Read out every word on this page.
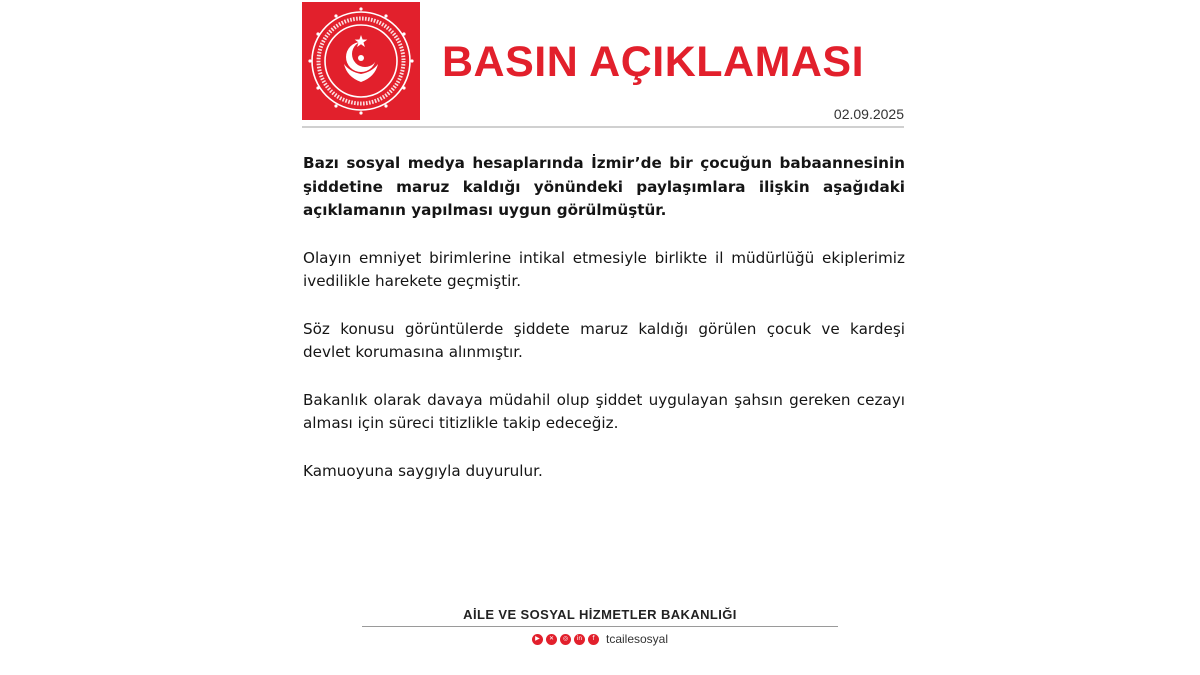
BASIN AÇIKLAMASI
02.09.2025

Bazı sosyal medya hesaplarında İzmir’de bir çocuğun babaannesinin şiddetine maruz kaldığı yönündeki paylaşımlara ilişkin aşağıdaki açıklamanın yapılması uygun görülmüştür.

Olayın emniyet birimlerine intikal etmesiyle birlikte il müdürlüğü ekiplerimiz ivedilikle harekete geçmiştir.

Söz konusu görüntülerde şiddete maruz kaldığı görülen çocuk ve kardeşi devlet korumasına alınmıştır.

Bakanlık olarak davaya müdahil olup şiddet uygulayan şahsın gereken cezayı alması için süreci titizlikle takip edeceğiz.

Kamuoyuna saygıyla duyurulur.

AİLE VE SOSYAL HİZMETLER BAKANLIĞI
▶	✕	◎	in	f tcailesosyal
